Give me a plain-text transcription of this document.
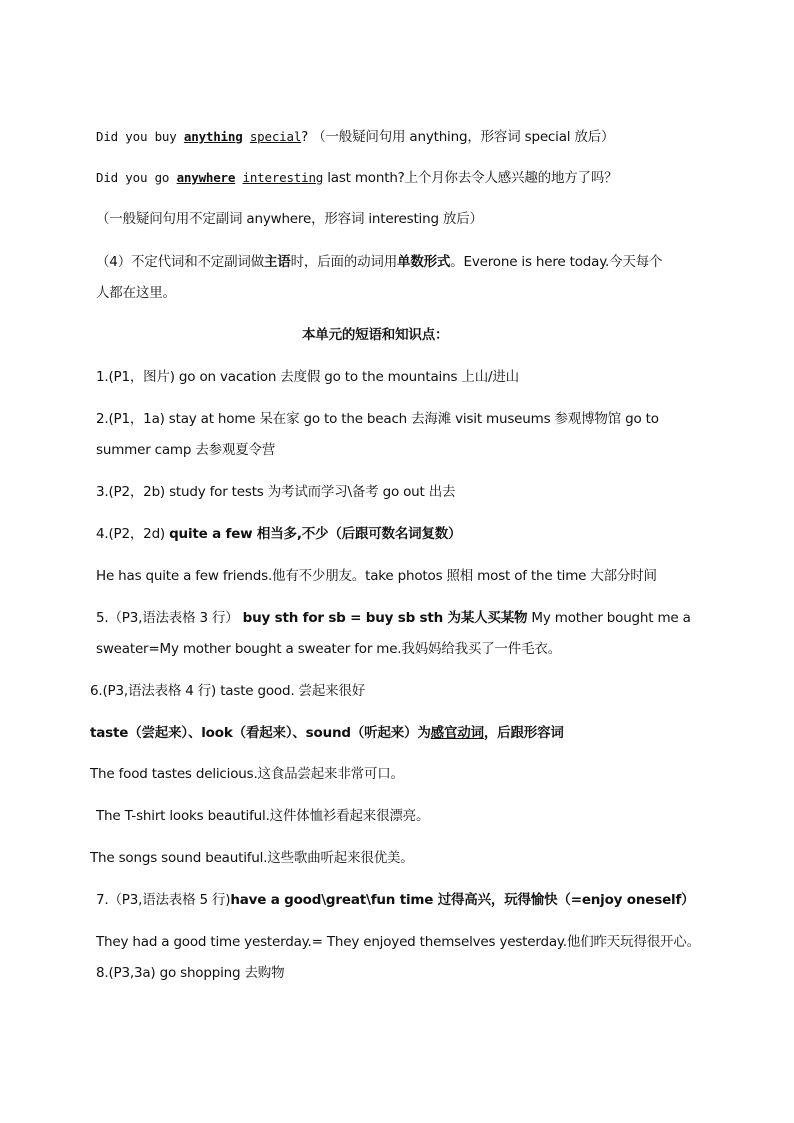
Did you buy anything special? （一般疑问句用 anything，形容词 special 放后）
Did you go anywhere interesting last month?上个月你去令人感兴趣的地方了吗？
（一般疑问句用不定副词 anywhere，形容词 interesting 放后）
（4）不定代词和不定副词做主语时，后面的动词用单数形式。Everone is here today.今天每个
人都在这里。
本单元的短语和知识点：
1.(P1，图片) go on vacation 去度假 go to the mountains 上山/进山
2.(P1，1a) stay at home 呆在家 go to the beach 去海滩 visit museums 参观博物馆 go to
summer camp 去参观夏令营
3.(P2，2b) study for tests 为考试而学习\备考 go out 出去
4.(P2，2d) quite a few 相当多,不少（后跟可数名词复数）
He has quite a few friends.他有不少朋友。take photos 照相 most of the time 大部分时间
5.（P3,语法表格 3 行） buy sth for sb = buy sb sth 为某人买某物 My mother bought me a
sweater=My mother bought a sweater for me.我妈妈给我买了一件毛衣。
6.(P3,语法表格 4 行) taste good. 尝起来很好
taste（尝起来）、look（看起来）、sound（听起来）为感官动词，后跟形容词
The food tastes delicious.这食品尝起来非常可口。
The T-shirt looks beautiful.这件体恤衫看起来很漂亮。
The songs sound beautiful.这些歌曲听起来很优美。
7.（P3,语法表格 5 行)have a good\great\fun time 过得高兴，玩得愉快（=enjoy oneself）
They had a good time yesterday.= They enjoyed themselves yesterday.他们昨天玩得很开心。
8.(P3,3a) go shopping 去购物
